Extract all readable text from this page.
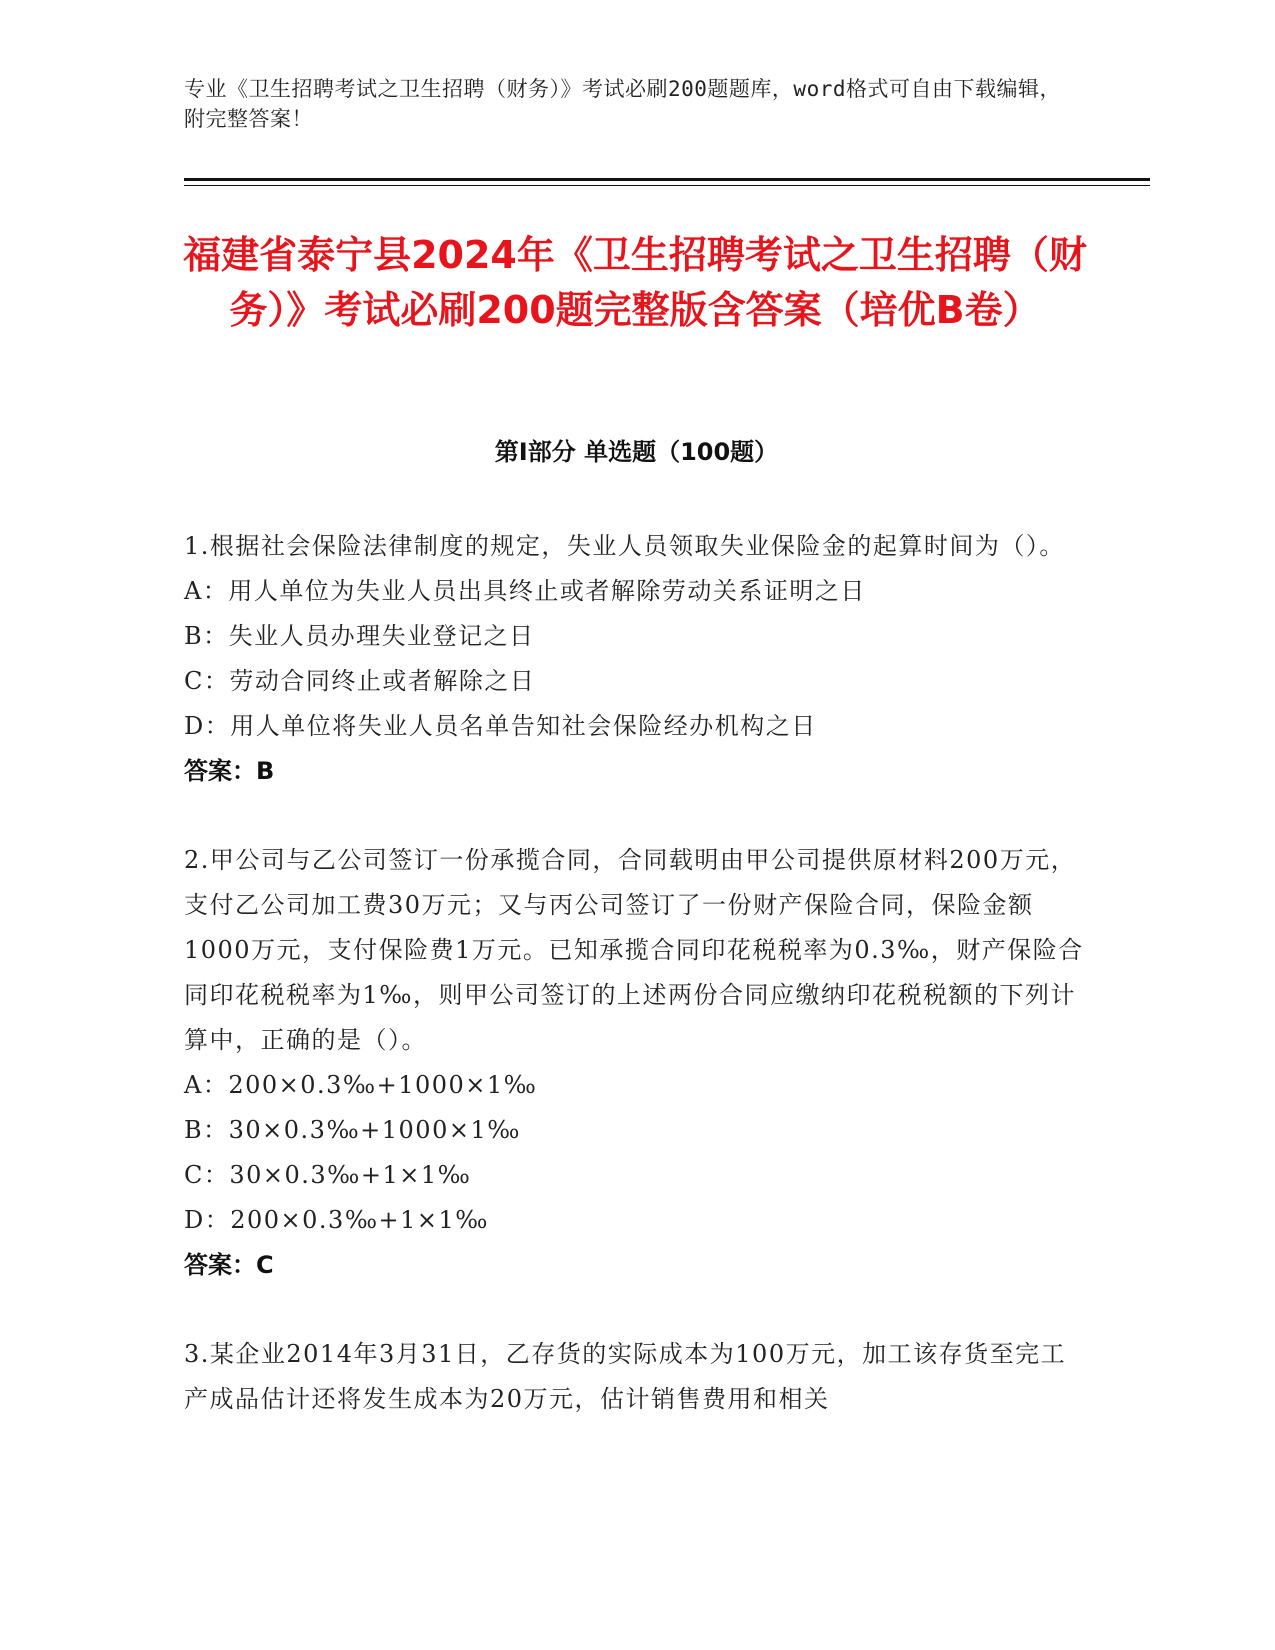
专业《卫生招聘考试之卫生招聘（财务）》考试必刷200题题库，word格式可自由下载编辑，附完整答案！
福建省泰宁县2024年《卫生招聘考试之卫生招聘（财务）》考试必刷200题完整版含答案（培优B卷）
第Ⅰ部分 单选题（100题）

1.根据社会保险法律制度的规定，失业人员领取失业保险金的起算时间为（）。

A：用人单位为失业人员出具终止或者解除劳动关系证明之日

B：失业人员办理失业登记之日

C：劳动合同终止或者解除之日

D：用人单位将失业人员名单告知社会保险经办机构之日

答案：B

2.甲公司与乙公司签订一份承揽合同，合同载明由甲公司提供原材料200万元，支付乙公司加工费30万元；又与丙公司签订了一份财产保险合同，保险金额1000万元，支付保险费1万元。已知承揽合同印花税税率为0.3‰，财产保险合同印花税税率为1‰，则甲公司签订的上述两份合同应缴纳印花税税额的下列计算中，正确的是（）。

A：200×0.3‰+1000×1‰

B：30×0.3‰+1000×1‰

C：30×0.3‰+1×1‰

D：200×0.3‰+1×1‰

答案：C

3.某企业2014年3月31日，乙存货的实际成本为100万元，加工该存货至完工产成品估计还将发生成本为20万元，估计销售费用和相关
